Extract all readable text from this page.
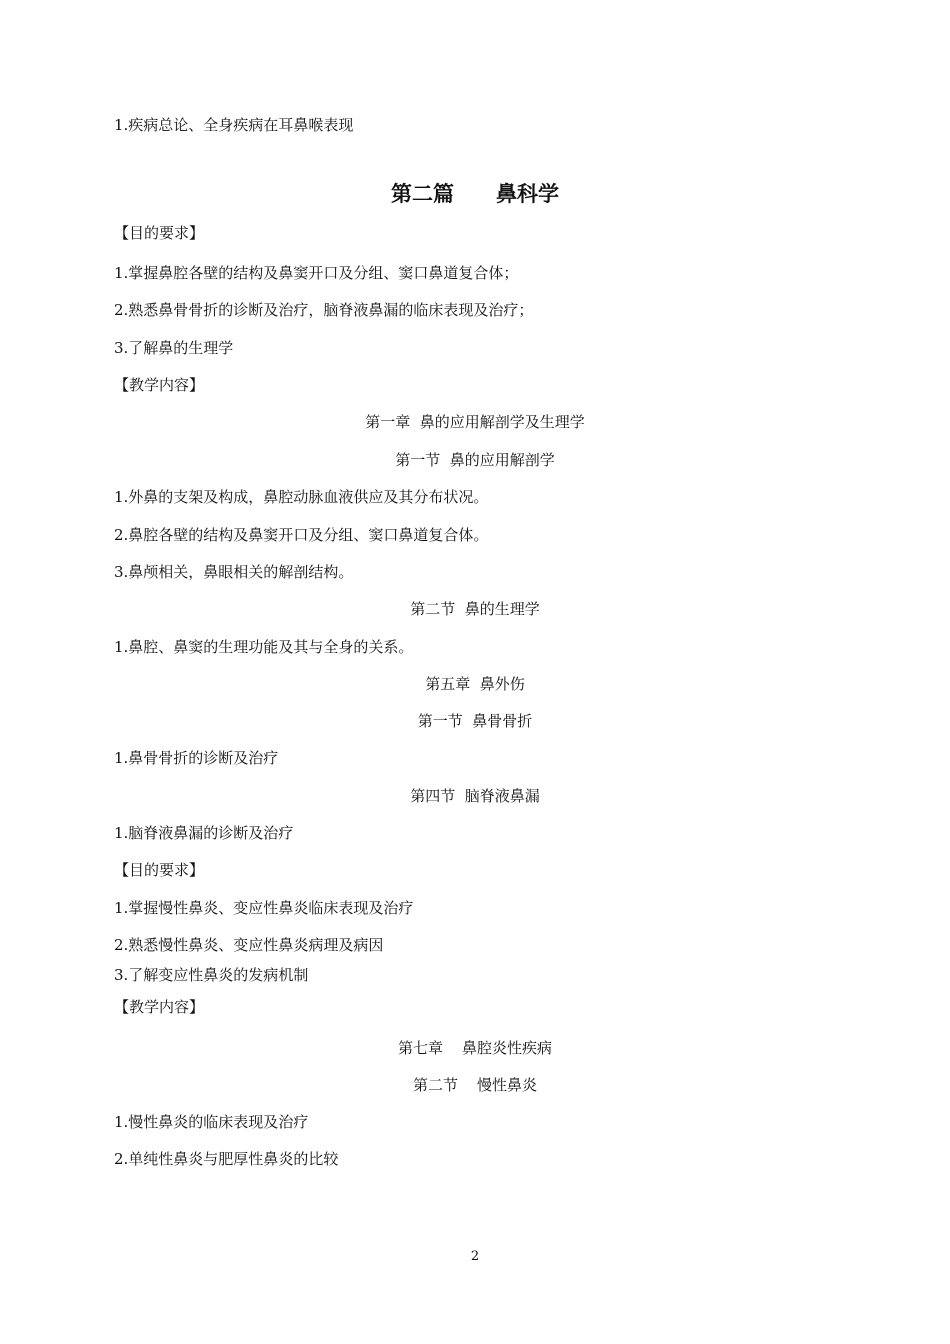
1.疾病总论、全身疾病在耳鼻喉表现
第二篇　　鼻科学
【目的要求】
1.掌握鼻腔各壁的结构及鼻窦开口及分组、窦口鼻道复合体；
2.熟悉鼻骨骨折的诊断及治疗，脑脊液鼻漏的临床表现及治疗；
3.了解鼻的生理学
【教学内容】
第一章  鼻的应用解剖学及生理学
第一节  鼻的应用解剖学
1.外鼻的支架及构成，鼻腔动脉血液供应及其分布状况。
2.鼻腔各壁的结构及鼻窦开口及分组、窦口鼻道复合体。
3.鼻颅相关，鼻眼相关的解剖结构。
第二节  鼻的生理学
1.鼻腔、鼻窦的生理功能及其与全身的关系。
第五章  鼻外伤
第一节  鼻骨骨折
1.鼻骨骨折的诊断及治疗
第四节  脑脊液鼻漏
1.脑脊液鼻漏的诊断及治疗
【目的要求】
1.掌握慢性鼻炎、变应性鼻炎临床表现及治疗
2.熟悉慢性鼻炎、变应性鼻炎病理及病因
3.了解变应性鼻炎的发病机制
【教学内容】
第七章    鼻腔炎性疾病
第二节    慢性鼻炎
1.慢性鼻炎的临床表现及治疗
2.单纯性鼻炎与肥厚性鼻炎的比较
2
